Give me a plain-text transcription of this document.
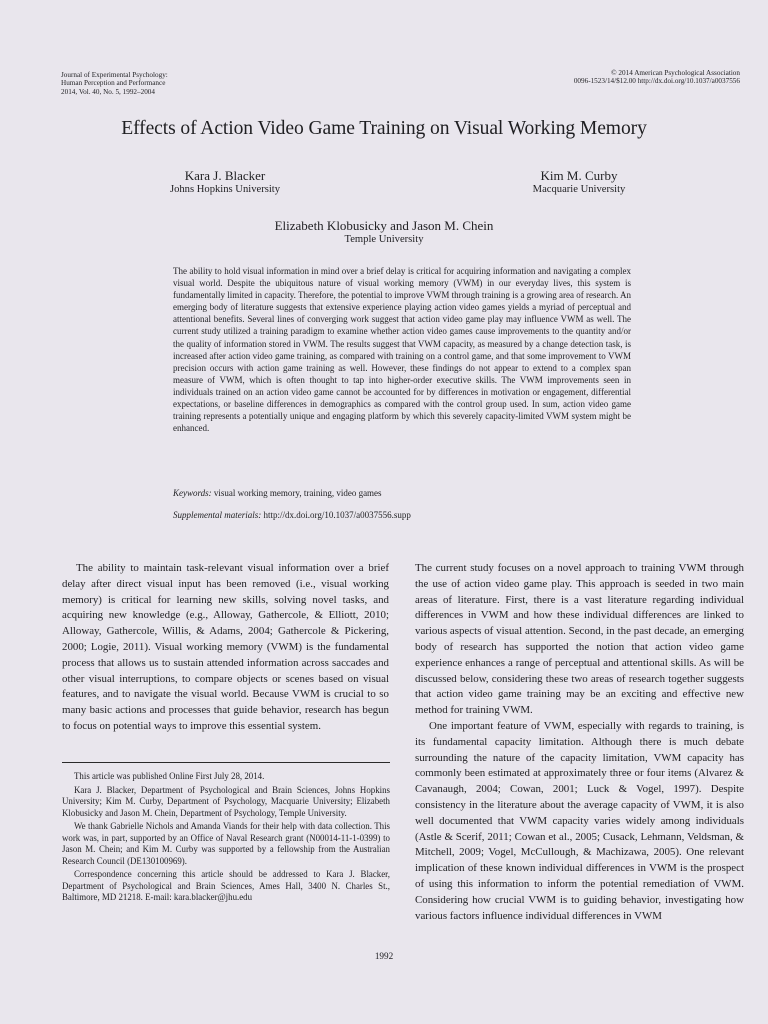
Journal of Experimental Psychology:
Human Perception and Performance
2014, Vol. 40, No. 5, 1992–2004
© 2014 American Psychological Association
0096-1523/14/$12.00 http://dx.doi.org/10.1037/a0037556
Effects of Action Video Game Training on Visual Working Memory
Kara J. Blacker
Johns Hopkins University
Kim M. Curby
Macquarie University
Elizabeth Klobusicky and Jason M. Chein
Temple University

The ability to hold visual information in mind over a brief delay is critical for acquiring information and navigating a complex visual world. Despite the ubiquitous nature of visual working memory (VWM) in our everyday lives, this system is fundamentally limited in capacity. Therefore, the potential to improve VWM through training is a growing area of research. An emerging body of literature suggests that extensive experience playing action video games yields a myriad of perceptual and attentional benefits. Several lines of converging work suggest that action video game play may influence VWM as well. The current study utilized a training paradigm to examine whether action video games cause improvements to the quantity and/or the quality of information stored in VWM. The results suggest that VWM capacity, as measured by a change detection task, is increased after action video game training, as compared with training on a control game, and that some improvement to VWM precision occurs with action game training as well. However, these findings do not appear to extend to a complex span measure of VWM, which is often thought to tap into higher-order executive skills. The VWM improvements seen in individuals trained on an action video game cannot be accounted for by differences in motivation or engagement, differential expectations, or baseline differences in demographics as compared with the control group used. In sum, action video game training represents a potentially unique and engaging platform by which this severely capacity-limited VWM system might be enhanced.

Keywords: visual working memory, training, video games
Supplemental materials: http://dx.doi.org/10.1037/a0037556.supp

The ability to maintain task-relevant visual information over a brief delay after direct visual input has been removed (i.e., visual working memory) is critical for learning new skills, solving novel tasks, and acquiring new knowledge (e.g., Alloway, Gathercole, & Elliott, 2010; Alloway, Gathercole, Willis, & Adams, 2004; Gathercole & Pickering, 2000; Logie, 2011). Visual working memory (VWM) is the fundamental process that allows us to sustain attended information across saccades and other visual interruptions, to compare objects or scenes based on visual features, and to navigate the visual world. Because VWM is crucial to so many basic actions and processes that guide behavior, research has begun to focus on potential ways to improve this essential system.

This article was published Online First July 28, 2014.

Kara J. Blacker, Department of Psychological and Brain Sciences, Johns Hopkins University; Kim M. Curby, Department of Psychology, Macquarie University; Elizabeth Klobusicky and Jason M. Chein, Department of Psychology, Temple University.

We thank Gabrielle Nichols and Amanda Viands for their help with data collection. This work was, in part, supported by an Office of Naval Research grant (N00014-11-1-0399) to Jason M. Chein; and Kim M. Curby was supported by a fellowship from the Australian Research Council (DE130100969).

Correspondence concerning this article should be addressed to Kara J. Blacker, Department of Psychological and Brain Sciences, Ames Hall, 3400 N. Charles St., Baltimore, MD 21218. E-mail: kara.blacker@jhu.edu

The current study focuses on a novel approach to training VWM through the use of action video game play. This approach is seeded in two main areas of literature. First, there is a vast literature regarding individual differences in VWM and how these individual differences are linked to various aspects of visual attention. Second, in the past decade, an emerging body of research has supported the notion that action video game experience enhances a range of perceptual and attentional skills. As will be discussed below, considering these two areas of research together suggests that action video game training may be an exciting and effective new method for training VWM.

One important feature of VWM, especially with regards to training, is its fundamental capacity limitation. Although there is much debate surrounding the nature of the capacity limitation, VWM capacity has commonly been estimated at approximately three or four items (Alvarez & Cavanaugh, 2004; Cowan, 2001; Luck & Vogel, 1997). Despite consistency in the literature about the average capacity of VWM, it is also well documented that VWM capacity varies widely among individuals (Astle & Scerif, 2011; Cowan et al., 2005; Cusack, Lehmann, Veldsman, & Mitchell, 2009; Vogel, McCullough, & Machizawa, 2005). One relevant implication of these known individual differences in VWM is the prospect of using this information to inform the potential remediation of VWM. Considering how crucial VWM is to guiding behavior, investigating how various factors influence individual differences in VWM

1992
